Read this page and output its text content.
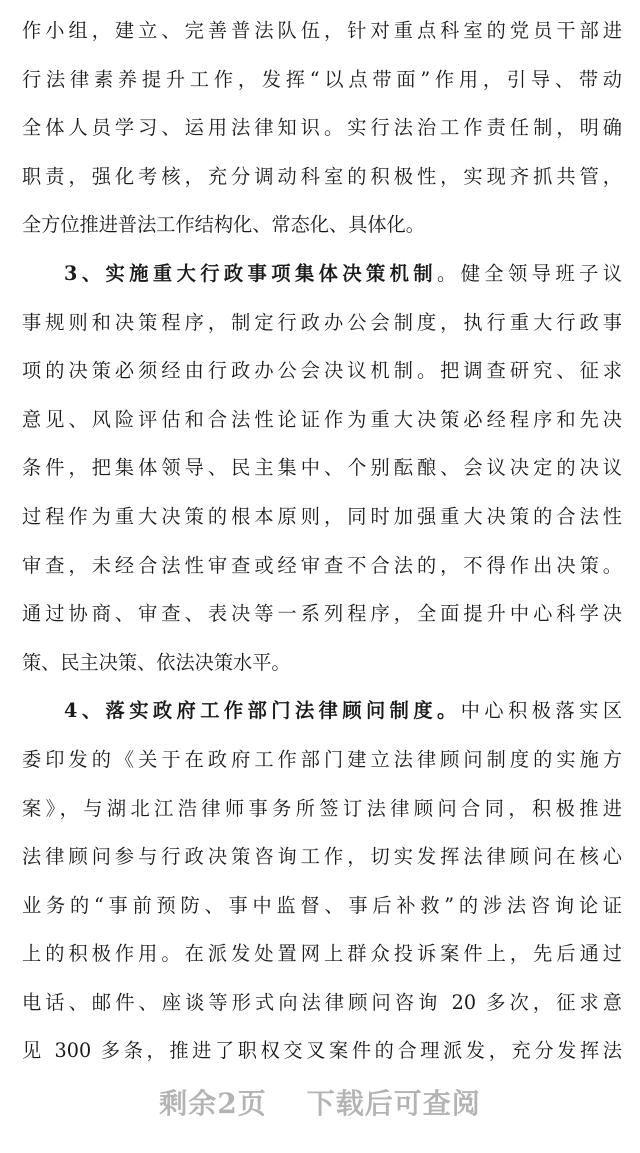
作小组，建立、完善普法队伍，针对重点科室的党员干部进
行法律素养提升工作，发挥“以点带面”作用，引导、带动
全体人员学习、运用法律知识。实行法治工作责任制，明确
职责，强化考核，充分调动科室的积极性，实现齐抓共管，
全方位推进普法工作结构化、常态化、具体化。
3、实施重大行政事项集体决策机制。健全领导班子议
事规则和决策程序，制定行政办公会制度，执行重大行政事
项的决策必须经由行政办公会决议机制。把调查研究、征求
意见、风险评估和合法性论证作为重大决策必经程序和先决
条件，把集体领导、民主集中、个别酝酿、会议决定的决议
过程作为重大决策的根本原则，同时加强重大决策的合法性
审查，未经合法性审查或经审查不合法的，不得作出决策。
通过协商、审查、表决等一系列程序，全面提升中心科学决
策、民主决策、依法决策水平。
4、落实政府工作部门法律顾问制度。中心积极落实区
委印发的《关于在政府工作部门建立法律顾问制度的实施方
案》，与湖北江浩律师事务所签订法律顾问合同，积极推进
法律顾问参与行政决策咨询工作，切实发挥法律顾问在核心
业务的“事前预防、事中监督、事后补救”的涉法咨询论证
上的积极作用。在派发处置网上群众投诉案件上，先后通过
电话、邮件、座谈等形式向法律顾问咨询 20 多次，征求意
见 300 多条，推进了职权交叉案件的合理派发，充分发挥法
剩余2页 下载后可查阅
